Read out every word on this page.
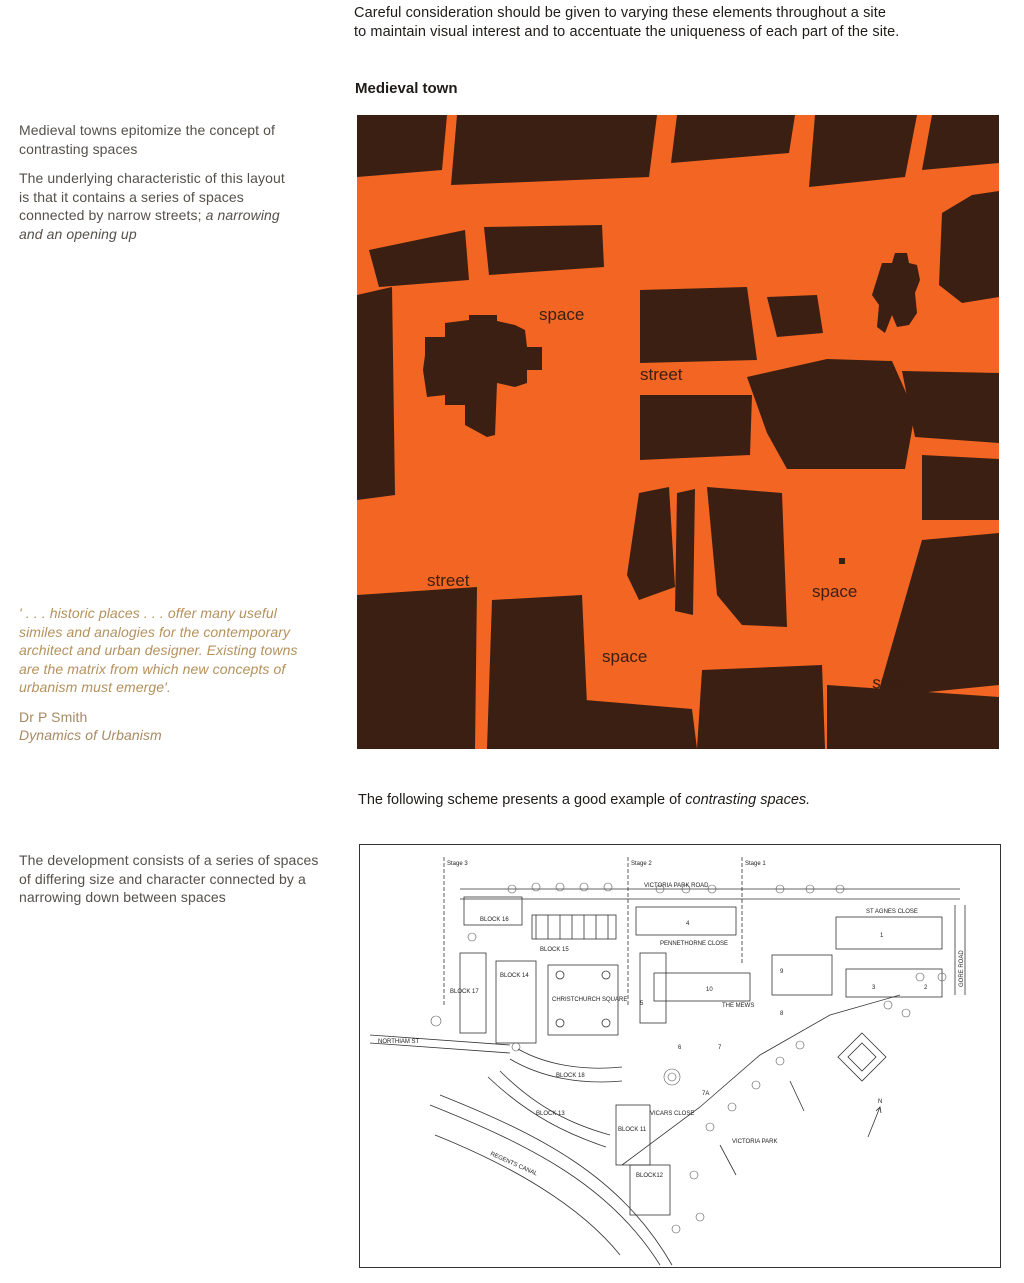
Careful consideration should be given to varying these elements throughout a site
to maintain visual interest and to accentuate the uniqueness of each part of the site.
Medieval town

Medieval towns epitomize the concept of contrasting spaces

The underlying characteristic of this layout is that it contains a series of spaces connected by narrow streets; a narrowing and an opening up

' . . . historic places . . . offer many useful similes and analogies for the contemporary architect and urban designer. Existing towns are the matrix from which new concepts of urbanism must emerge'.

Dr P Smith

Dynamics of Urbanism

space
street
street
space
space
street
The following scheme presents a good example of contrasting spaces.

The development consists of a series of spaces of differing size and character connected by a narrowing down between spaces

Stage 3	Stage 2	Stage 1
VICTORIA PARK ROAD
PENNETHORNE CLOSE
ST AGNES CLOSE
GORE ROAD
BLOCK 16
BLOCK 15
BLOCK 14
BLOCK 17
CHRISTCHURCH SQUARE
BLOCK 18
BLOCK 13
BLOCK 11
BLOCK12
THE MEWS
VICARS CLOSE
NORTHIAM ST
REGENTS CANAL
VICTORIA PARK
1
2
3
4
5
6	7
7A
8
9
10
N
